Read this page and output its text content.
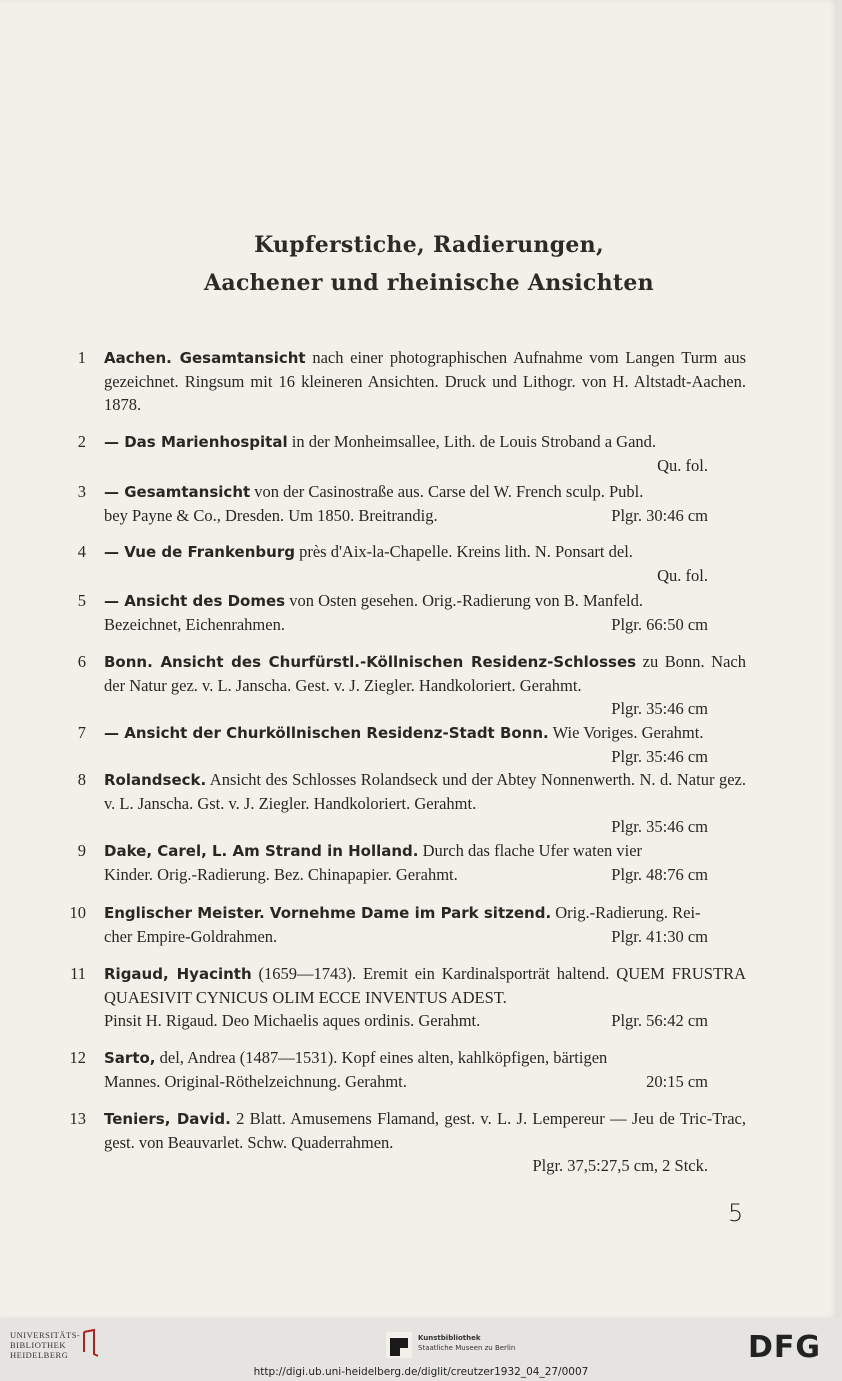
Kupferstiche, Radierungen,
Aachener und rheinische Ansichten
1 Aachen. Gesamtansicht nach einer photographischen Aufnahme vom Langen Turm aus gezeichnet. Ringsum mit 16 kleineren Ansichten. Druck und Lithogr. von H. Altstadt-Aachen. 1878.

2 — Das Marienhospital in der Monheimsallee, Lith. de Louis Stroband a Gand.

Qu. fol.

3 — Gesamtansicht von der Casinostraße aus. Carse del W. French sculp. Publ.

bey Payne & Co., Dresden. Um 1850. Breitrandig.	Plgr. 30:46 cm
4 — Vue de Frankenburg près d'Aix-la-Chapelle. Kreins lith. N. Ponsart del.

Qu. fol.

5 — Ansicht des Domes von Osten gesehen. Orig.-Radierung von B. Manfeld.

Bezeichnet, Eichenrahmen.	Plgr. 66:50 cm
6 Bonn. Ansicht des Churfürstl.-Köllnischen Residenz-Schlosses zu Bonn. Nach der Natur gez. v. L. Janscha. Gest. v. J. Ziegler. Handkoloriert. Gerahmt.

Plgr. 35:46 cm

7 — Ansicht der Churköllnischen Residenz-Stadt Bonn. Wie Voriges. Gerahmt.

Plgr. 35:46 cm

8 Rolandseck. Ansicht des Schlosses Rolandseck und der Abtey Nonnenwerth. N. d. Natur gez. v. L. Janscha. Gst. v. J. Ziegler. Handkoloriert. Gerahmt.

Plgr. 35:46 cm

9 Dake, Carel, L. Am Strand in Holland. Durch das flache Ufer waten vier

Kinder. Orig.-Radierung. Bez. Chinapapier. Gerahmt.	Plgr. 48:76 cm
10 Englischer Meister. Vornehme Dame im Park sitzend. Orig.-Radierung. Rei-

cher Empire-Goldrahmen.	Plgr. 41:30 cm
11 Rigaud, Hyacinth (1659—1743). Eremit ein Kardinalsporträt haltend. QUEM FRUSTRA QUAESIVIT CYNICUS OLIM ECCE INVENTUS ADEST.

Pinsit H. Rigaud. Deo Michaelis aques ordinis. Gerahmt.	Plgr. 56:42 cm
12 Sarto, del, Andrea (1487—1531). Kopf eines alten, kahlköpfigen, bärtigen

Mannes. Original-Röthelzeichnung. Gerahmt.	20:15 cm
13 Teniers, David. 2 Blatt. Amusemens Flamand, gest. v. L. J. Lempereur — Jeu de Tric-Trac, gest. von Beauvarlet. Schw. Quaderrahmen.

Plgr. 37,5:27,5 cm, 2 Stck.

5
UNIVERSITÄTS-
BIBLIOTHEK
HEIDELBERG
Kunstbibliothek
Staatliche Museen zu Berlin	DFG
http://digi.ub.uni-heidelberg.de/diglit/creutzer1932_04_27/0007
